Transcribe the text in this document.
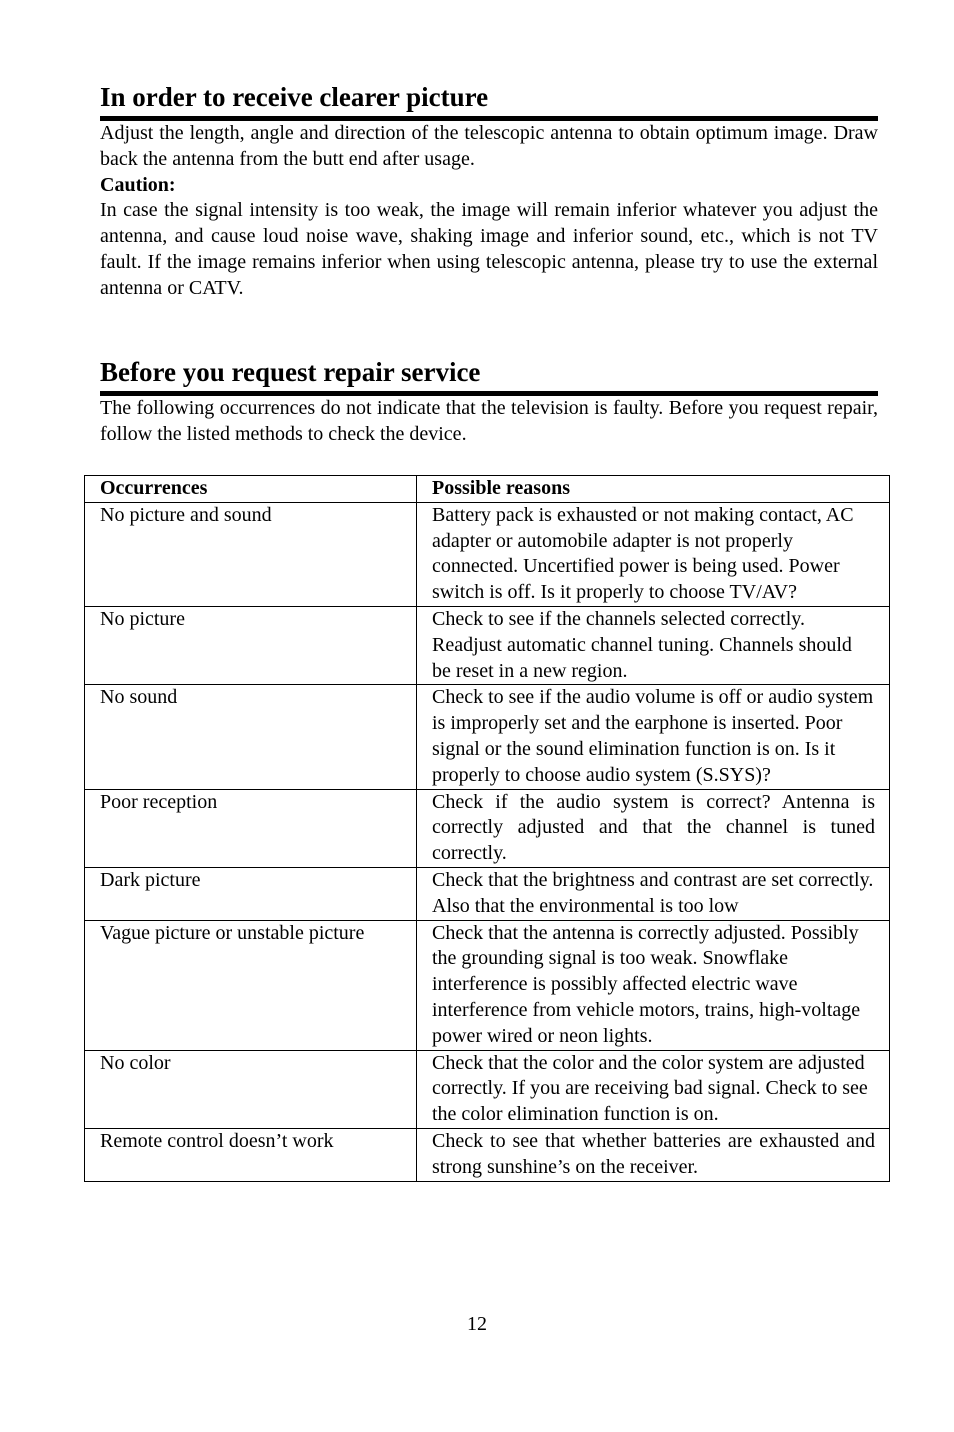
In order to receive clearer picture

Adjust the length, angle and direction of the telescopic antenna to obtain optimum image. Draw back the antenna from the butt end after usage.

Caution:

In case the signal intensity is too weak, the image will remain inferior whatever you adjust the antenna, and cause loud noise wave, shaking image and inferior sound, etc., which is not TV fault. If the image remains inferior when using telescopic antenna, please try to use the external antenna or CATV.

Before you request repair service

The following occurrences do not indicate that the television is faulty. Before you request repair, follow the listed methods to check the device.

Occurrences	Possible reasons
No picture and sound	Battery pack is exhausted or not making contact, AC adapter or automobile adapter is not properly connected. Uncertified power is being used. Power switch is off. Is it properly to choose TV/AV?
No picture	Check to see if the channels selected correctly. Readjust automatic channel tuning. Channels should be reset in a new region.
No sound	Check to see if the audio volume is off or audio system is improperly set and the earphone is inserted. Poor signal or the sound elimination function is on. Is it properly to choose audio system (S.SYS)?
Poor reception	Check if the audio system is correct? Antenna is correctly adjusted and that the channel is tuned correctly.
Dark picture	Check that the brightness and contrast are set correctly. Also that the environmental is too low
Vague picture or unstable picture	Check that the antenna is correctly adjusted. Possibly the grounding signal is too weak. Snowflake interference is possibly affected electric wave interference from vehicle motors, trains, high-voltage power wired or neon lights.
No color	Check that the color and the color system are adjusted correctly. If you are receiving bad signal. Check to see the color elimination function is on.
Remote control doesn’t work	Check to see that whether batteries are exhausted and strong sunshine’s on the receiver.
12
